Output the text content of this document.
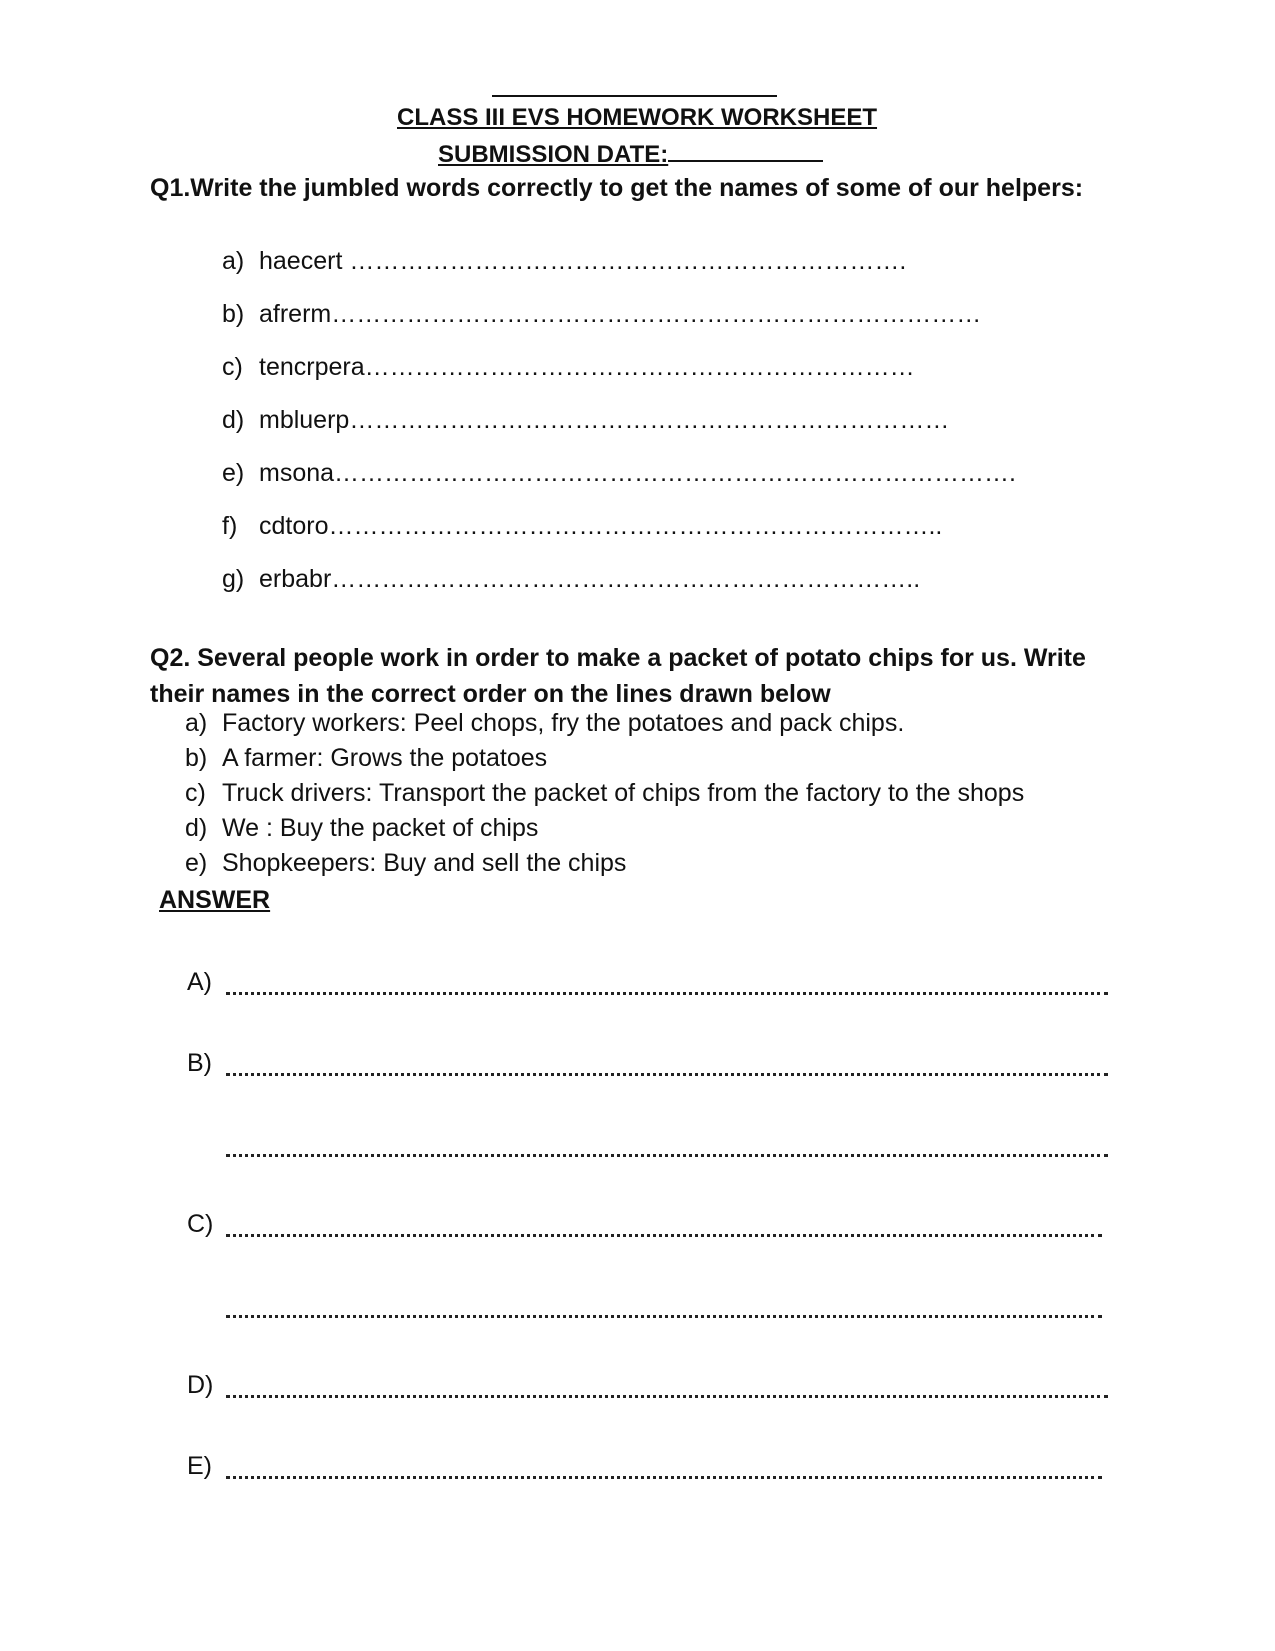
CLASS III EVS HOMEWORK WORKSHEET
SUBMISSION DATE:
Q1.Write the jumbled words correctly to get the names of some of our helpers:
a) haecert ………………………………………………………….
b) afrerm……………………………………………………………………
c) tencrpera…………………………………………………………
d) mbluerp………………………………………………………………
e) msona……………………………………………………………………….
f) cdtoro………………………………………………………………..
g) erbabr……………………………………………………………..
Q2. Several people work in order to make a packet of potato chips for us. Write their names in the correct order on the lines drawn below
a) Factory workers: Peel chops, fry the potatoes and pack chips.
b) A farmer: Grows the potatoes
c) Truck drivers: Transport the packet of chips from the factory to the shops
d) We : Buy the packet of chips
e) Shopkeepers: Buy and sell the chips
ANSWER
A)
B)
C)
D)
E)
